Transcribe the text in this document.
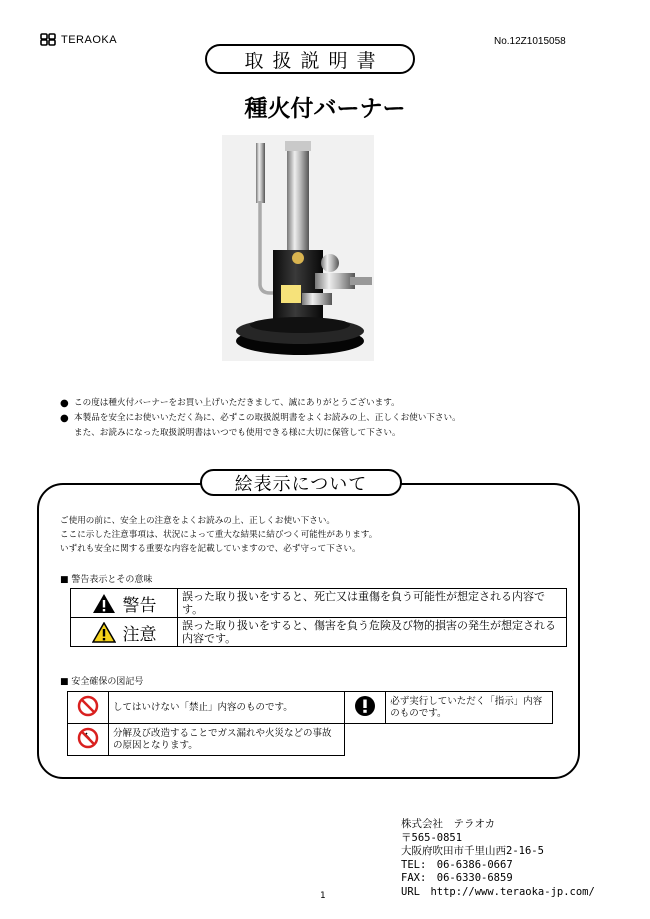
TERAOKA	No.12Z1015058
取扱説明書
種火付バーナー
● この度は種火付バーナーをお買い上げいただきまして、誠にありがとうございます。
● 本製品を安全にお使いいただく為に、必ずこの取扱説明書をよくお読みの上、正しくお使い下さい。
また、お読みになった取扱説明書はいつでも使用できる様に大切に保管して下さい。
絵表示について
ご使用の前に、安全上の注意をよくお読みの上、正しくお使い下さい。
ここに示した注意事項は、状況によって重大な結果に結びつく可能性があります。
いずれも安全に関する重要な内容を記載していますので、必ず守って下さい。
■ 警告表示とその意味
警告	誤った取り扱いをすると、死亡又は重傷を負う可能性が想定される内容です。

注意	誤った取り扱いをすると、傷害を負う危険及び物的損害の発生が想定される内容です。
■ 安全確保の図記号
	してはいけない「禁止」内容のものです。		必ず実行していただく「指示」内容のものです。
	分解及び改造することでガス漏れや火災などの事故の原因となります。		
株式会社　テラオカ
〒565-0851
大阪府吹田市千里山西2-16-5
TEL:　06-6386-0667
FAX:　06-6330-6859
URL　http://www.teraoka-jp.com/
1
